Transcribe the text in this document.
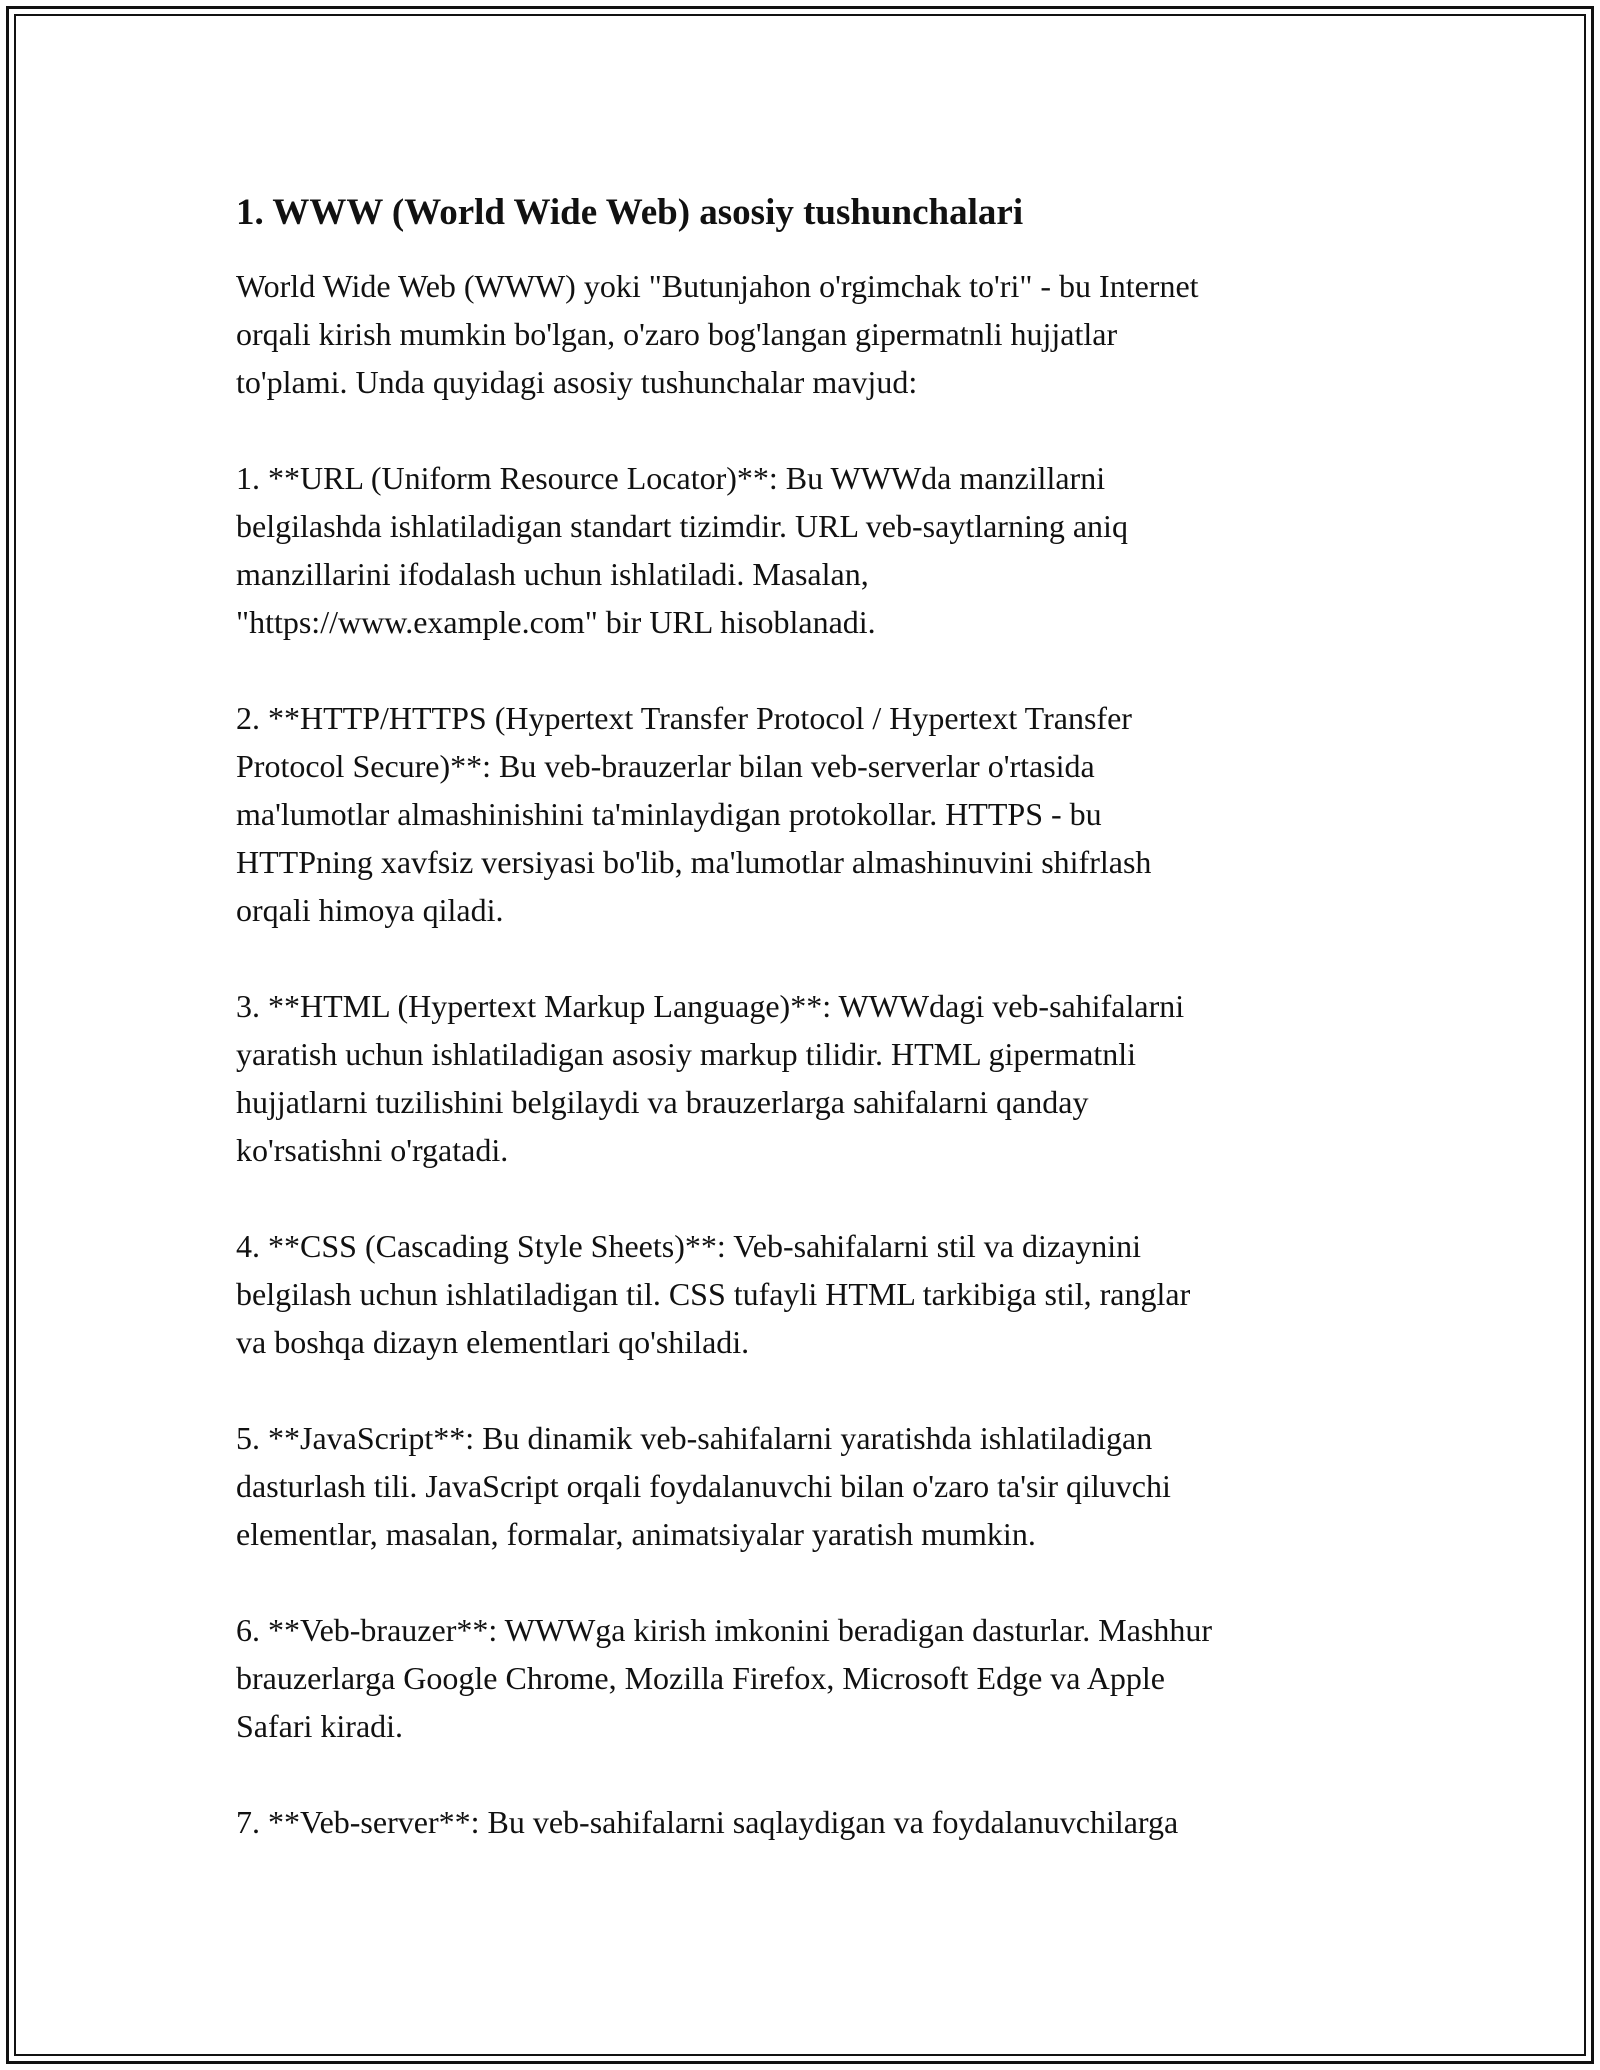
1. WWW (World Wide Web) asosiy tushunchalari

World Wide Web (WWW) yoki "Butunjahon o'rgimchak to'ri" - bu Internet
orqali kirish mumkin bo'lgan, o'zaro bog'langan gipermatnli hujjatlar
to'plami. Unda quyidagi asosiy tushunchalar mavjud:

1. **URL (Uniform Resource Locator)**: Bu WWWda manzillarni
belgilashda ishlatiladigan standart tizimdir. URL veb-saytlarning aniq
manzillarini ifodalash uchun ishlatiladi. Masalan,
"https://www.example.com" bir URL hisoblanadi.

2. **HTTP/HTTPS (Hypertext Transfer Protocol / Hypertext Transfer
Protocol Secure)**: Bu veb-brauzerlar bilan veb-serverlar o'rtasida
ma'lumotlar almashinishini ta'minlaydigan protokollar. HTTPS - bu
HTTPning xavfsiz versiyasi bo'lib, ma'lumotlar almashinuvini shifrlash
orqali himoya qiladi.

3. **HTML (Hypertext Markup Language)**: WWWdagi veb-sahifalarni
yaratish uchun ishlatiladigan asosiy markup tilidir. HTML gipermatnli
hujjatlarni tuzilishini belgilaydi va brauzerlarga sahifalarni qanday
ko'rsatishni o'rgatadi.

4. **CSS (Cascading Style Sheets)**: Veb-sahifalarni stil va dizaynini
belgilash uchun ishlatiladigan til. CSS tufayli HTML tarkibiga stil, ranglar
va boshqa dizayn elementlari qo'shiladi.

5. **JavaScript**: Bu dinamik veb-sahifalarni yaratishda ishlatiladigan
dasturlash tili. JavaScript orqali foydalanuvchi bilan o'zaro ta'sir qiluvchi
elementlar, masalan, formalar, animatsiyalar yaratish mumkin.

6. **Veb-brauzer**: WWWga kirish imkonini beradigan dasturlar. Mashhur
brauzerlarga Google Chrome, Mozilla Firefox, Microsoft Edge va Apple
Safari kiradi.

7. **Veb-server**: Bu veb-sahifalarni saqlaydigan va foydalanuvchilarga
